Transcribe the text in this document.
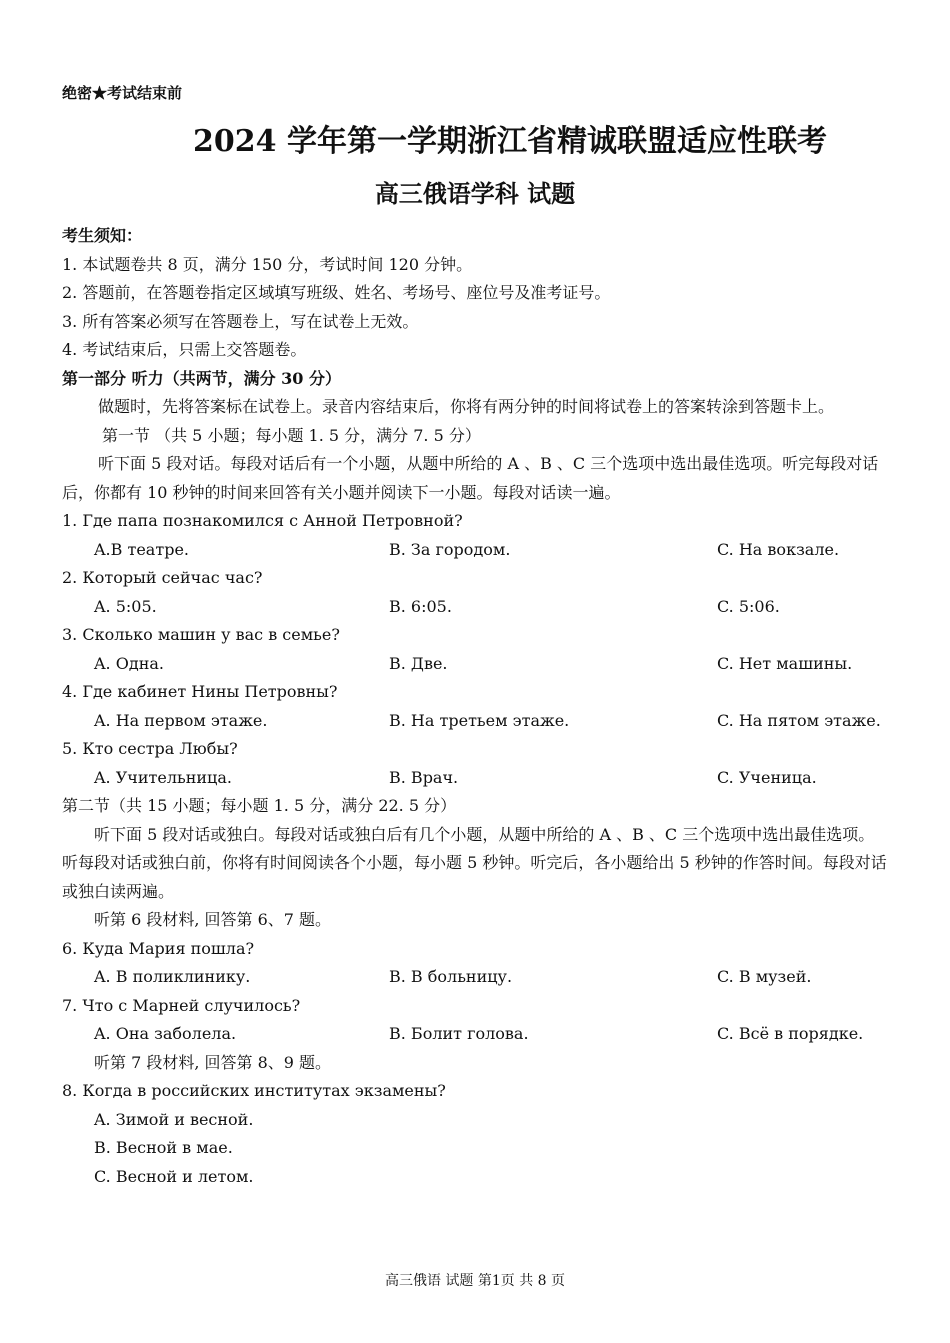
绝密★考试结束前
2024 学年第一学期浙江省精诚联盟适应性联考
高三俄语学科 试题
考生须知：
1. 本试题卷共 8 页，满分 150 分，考试时间 120 分钟。
2. 答题前，在答题卷指定区域填写班级、姓名、考场号、座位号及准考证号。
3. 所有答案必须写在答题卷上，写在试卷上无效。
4. 考试结束后，只需上交答题卷。
第一部分 听力（共两节，满分 30 分）
做题时，先将答案标在试卷上。录音内容结束后，你将有两分钟的时间将试卷上的答案转涂到答题卡上。
第一节 （共 5 小题；每小题 1. 5 分，满分 7. 5 分）
听下面 5 段对话。每段对话后有一个小题，从题中所给的 A 、B 、C 三个选项中选出最佳选项。听完每段对话后，你都有 10 秒钟的时间来回答有关小题并阅读下一小题。每段对话读一遍。
1. Где папа познакомился с Анной Петровной?
A.В театре.	B. За городом.	C. На вокзале.
2. Который сейчас час?
A. 5:05.	B. 6:05.	C. 5:06.
3. Сколько машин у вас в семье?
A. Одна.	B. Две.	C. Нет машины.
4. Где кабинет Нины Петровны?
A. На первом этаже.	B. На третьем этаже.	C. На пятом этаже.
5. Кто сестра Любы?
A. Учительница.	B. Врач.	C. Ученица.
第二节（共 15 小题；每小题 1. 5 分，满分 22. 5 分）
听下面 5 段对话或独白。每段对话或独白后有几个小题，从题中所给的 A 、B 、C 三个选项中选出最佳选项。听每段对话或独白前，你将有时间阅读各个小题，每小题 5 秒钟。听完后，各小题给出 5 秒钟的作答时间。每段对话或独白读两遍。
听第 6 段材料, 回答第 6、7 题。
6. Куда Мария пошла?
A. В поликлинику.	B. В больницу.	C. В музей.
7. Что с Марней случилось?
A. Она заболела.	B. Болит голова.	C. Всё в порядке.
听第 7 段材料, 回答第 8、9 题。
8. Когда в российских институтах экзамены?
A. Зимой и весной.
B. Весной в мае.
C. Весной и летом.
高三俄语 试题 第1页 共 8 页
